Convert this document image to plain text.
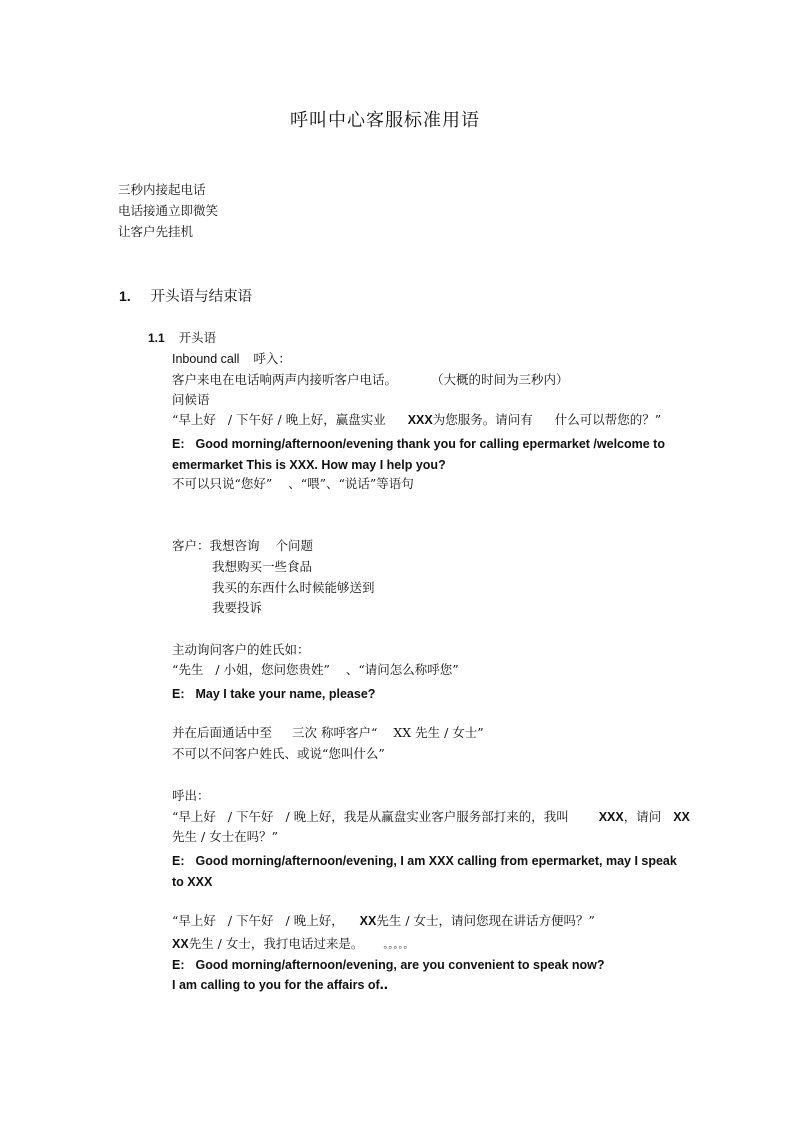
呼叫中心客服标准用语
三秒内接起电话
电话接通立即微笑
让客户先挂机
1. 开头语与结束语
1.1 开头语
Inbound call 呼入：
客户来电在电话响两声内接听客户电话。	（大概的时间为三秒内）
问候语
“早上好 / 下午好 / 晚上好，赢盘实业 XXX为您服务。请问有 什么可以帮您的？”
E: Good morning/afternoon/evening thank you for calling epermarket /welcome to
emermarket This is XXX. How may I help you?
不可以只说“您好” 、“喂”、“说话”等语句
客户：我想咨询 个问题
我想购买一些食品
我买的东西什么时候能够送到
我要投诉
主动询问客户的姓氏如：
“先生 / 小姐，您问您贵姓” 、“请问怎么称呼您”
E: May I take your name, please?
并在后面通话中至 三次 称呼客户“ XX 先生 / 女士”
不可以不问客户姓氏、或说“您叫什么”
呼出：
“早上好 / 下午好 / 晚上好，我是从赢盘实业客户服务部打来的，我叫 XXX，请问 XX
先生 / 女士在吗？”
E: Good morning/afternoon/evening, I am XXX calling from epermarket, may I speak
to XXX
“早上好 / 下午好 / 晚上好， XX先生 / 女士，请问您现在讲话方便吗？”
XX先生 / 女士，我打电话过来是。 。。。。。
E: Good morning/afternoon/evening, are you convenient to speak now?
I am calling to you for the affairs of‥
